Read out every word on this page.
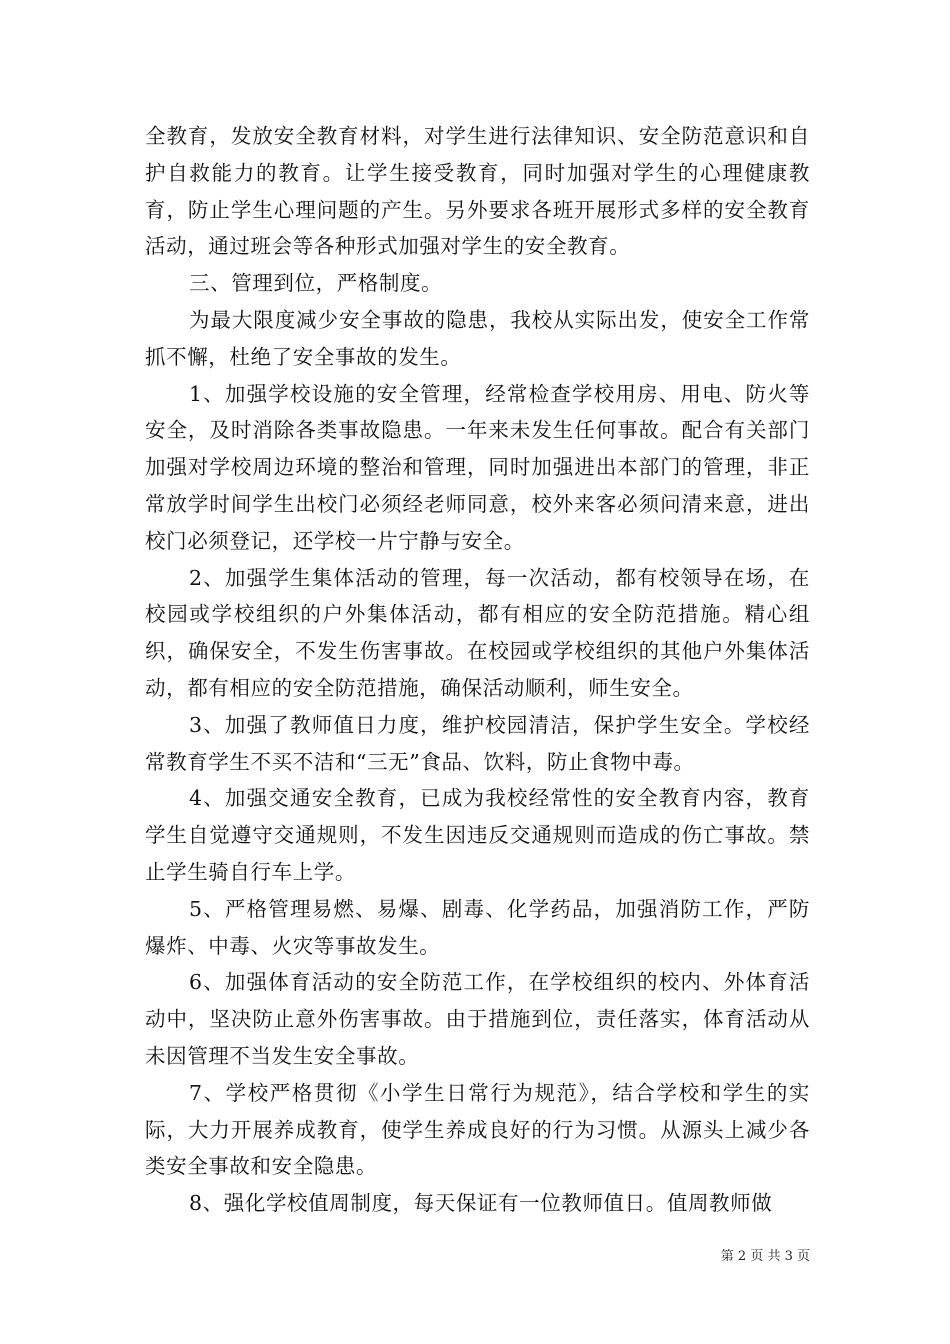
全教育，发放安全教育材料，对学生进行法律知识、安全防范意识和自护自救能力的教育。让学生接受教育，同时加强对学生的心理健康教育，防止学生心理问题的产生。另外要求各班开展形式多样的安全教育活动，通过班会等各种形式加强对学生的安全教育。

三、管理到位，严格制度。

为最大限度减少安全事故的隐患，我校从实际出发，使安全工作常抓不懈，杜绝了安全事故的发生。

1、加强学校设施的安全管理，经常检查学校用房、用电、防火等安全，及时消除各类事故隐患。一年来未发生任何事故。配合有关部门加强对学校周边环境的整治和管理，同时加强进出本部门的管理，非正常放学时间学生出校门必须经老师同意，校外来客必须问清来意，进出校门必须登记，还学校一片宁静与安全。

2、加强学生集体活动的管理，每一次活动，都有校领导在场，在校园或学校组织的户外集体活动，都有相应的安全防范措施。精心组织，确保安全，不发生伤害事故。在校园或学校组织的其他户外集体活动，都有相应的安全防范措施，确保活动顺利，师生安全。

3、加强了教师值日力度，维护校园清洁，保护学生安全。学校经常教育学生不买不洁和“三无”食品、饮料，防止食物中毒。

4、加强交通安全教育，已成为我校经常性的安全教育内容，教育学生自觉遵守交通规则，不发生因违反交通规则而造成的伤亡事故。禁止学生骑自行车上学。

5、严格管理易燃、易爆、剧毒、化学药品，加强消防工作，严防爆炸、中毒、火灾等事故发生。

6、加强体育活动的安全防范工作，在学校组织的校内、外体育活动中，坚决防止意外伤害事故。由于措施到位，责任落实，体育活动从未因管理不当发生安全事故。

7、学校严格贯彻《小学生日常行为规范》，结合学校和学生的实际，大力开展养成教育，使学生养成良好的行为习惯。从源头上减少各类安全事故和安全隐患。

8、强化学校值周制度，每天保证有一位教师值日。值周教师做

第 2 页 共 3 页
